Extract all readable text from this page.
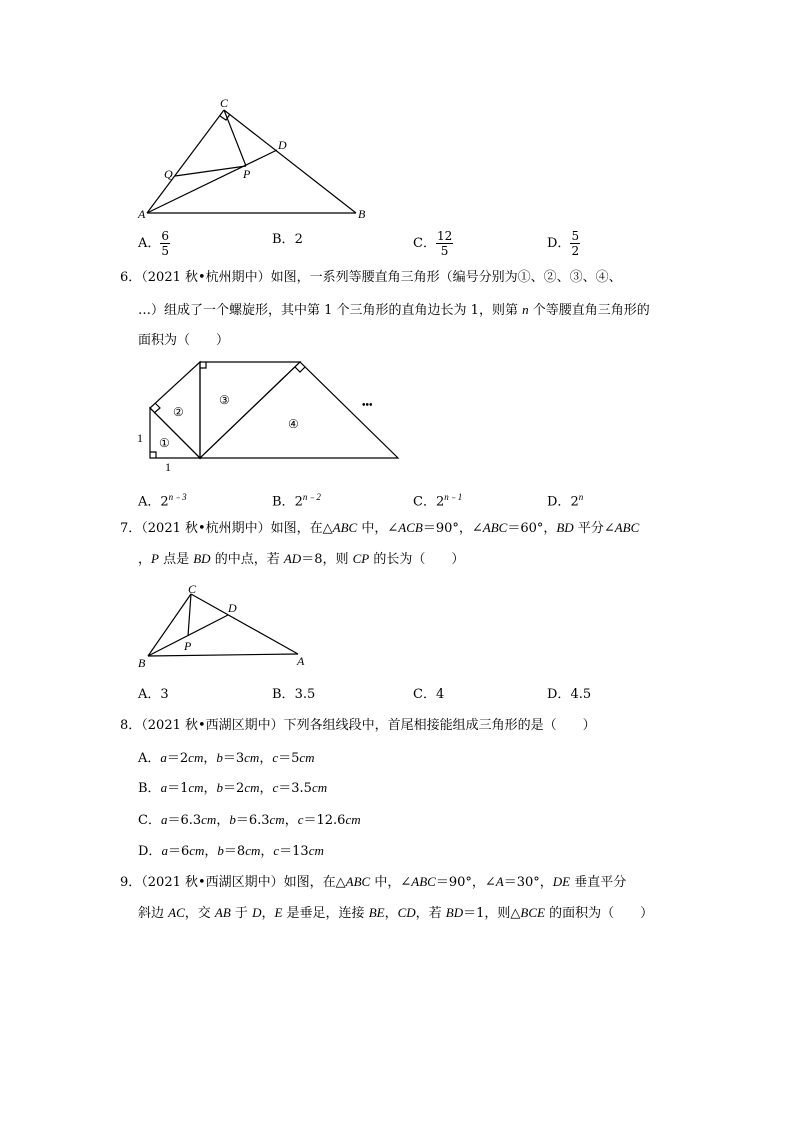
C
D
Q	P
A	B
A． $\frac{6}{5}$	B．2	C． $\frac{12}{5}$	D． $\frac{5}{2}$
6．（2021 秋•杭州期中）如图，一系列等腰直角三角形（编号分别为①、②、③、④、
…）组成了一个螺旋形，其中第 1 个三角形的直角边长为 1，则第 n 个等腰直角三角形的
面积为（　　）
①
②
③
④
•••
1
1
A．$2^{n﹣3}$	B．$2^{n﹣2}$	C．$2^{n﹣1}$	D．2$^n$
7．（2021 秋•杭州期中）如图，在△ABC 中，∠ACB＝90°，∠ABC＝60°，BD 平分∠ABC
，P 点是 BD 的中点，若 AD＝8，则 CP 的长为（　　）
C
D
P
B	A
A．3	B．3.5	C．4	D．4.5
8．（2021 秋•西湖区期中）下列各组线段中，首尾相接能组成三角形的是（　　）
A．a＝2cm，b＝3cm，c＝5cm
B．a＝1cm，b＝2cm，c＝3.5cm
C．a＝6.3cm，b＝6.3cm，c＝12.6cm
D．a＝6cm，b＝8cm，c＝13cm
9．（2021 秋•西湖区期中）如图，在△ABC 中，∠ABC＝90°，∠A＝30°，DE 垂直平分
斜边 AC，交 AB 于 D，E 是垂足，连接 BE，CD，若 BD＝1，则△BCE 的面积为（　　）
